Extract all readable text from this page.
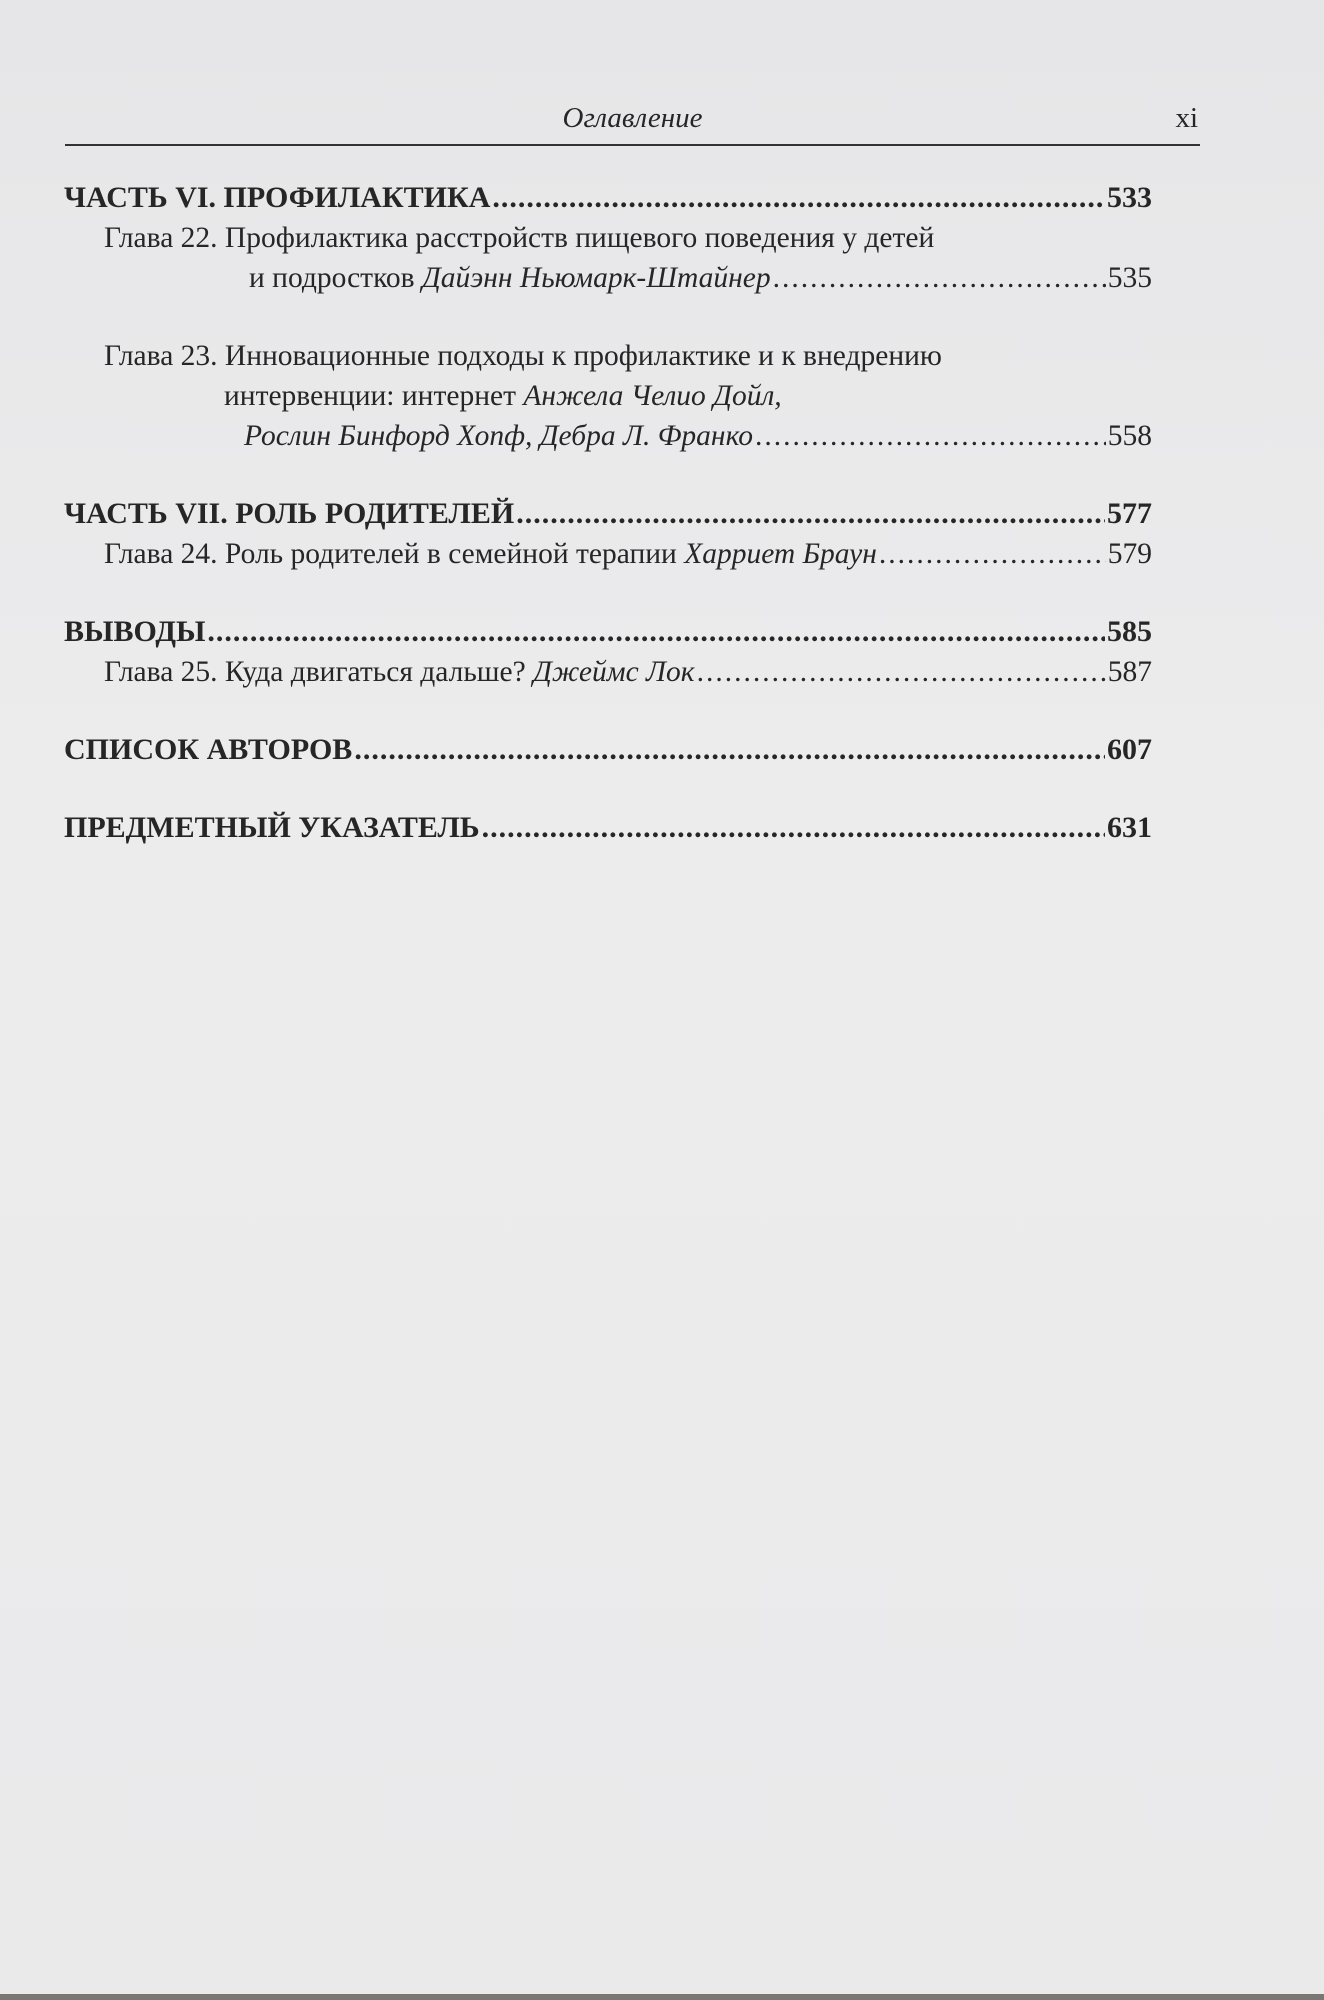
Оглавление	xi
ЧАСТЬ VI. ПРОФИЛАКТИКА .....	533
Глава 22. Профилактика расстройств пищевого поведения у детей
и подростков Дайэнн Ньюмарк-Штайнер .....	535
Глава 23. Инновационные подходы к профилактике и к внедрению
интервенции: интернет Анжела Челио Дойл,
Рослин Бинфорд Хопф, Дебра Л. Франко .....	558
ЧАСТЬ VII. РОЛЬ РОДИТЕЛЕЙ .....	577
Глава 24. Роль родителей в семейной терапии Харриет Браун .....	579
ВЫВОДЫ .....	585
Глава 25. Куда двигаться дальше? Джеймс Лок .....	587
СПИСОК АВТОРОВ .....	607
ПРЕДМЕТНЫЙ УКАЗАТЕЛЬ .....	631
